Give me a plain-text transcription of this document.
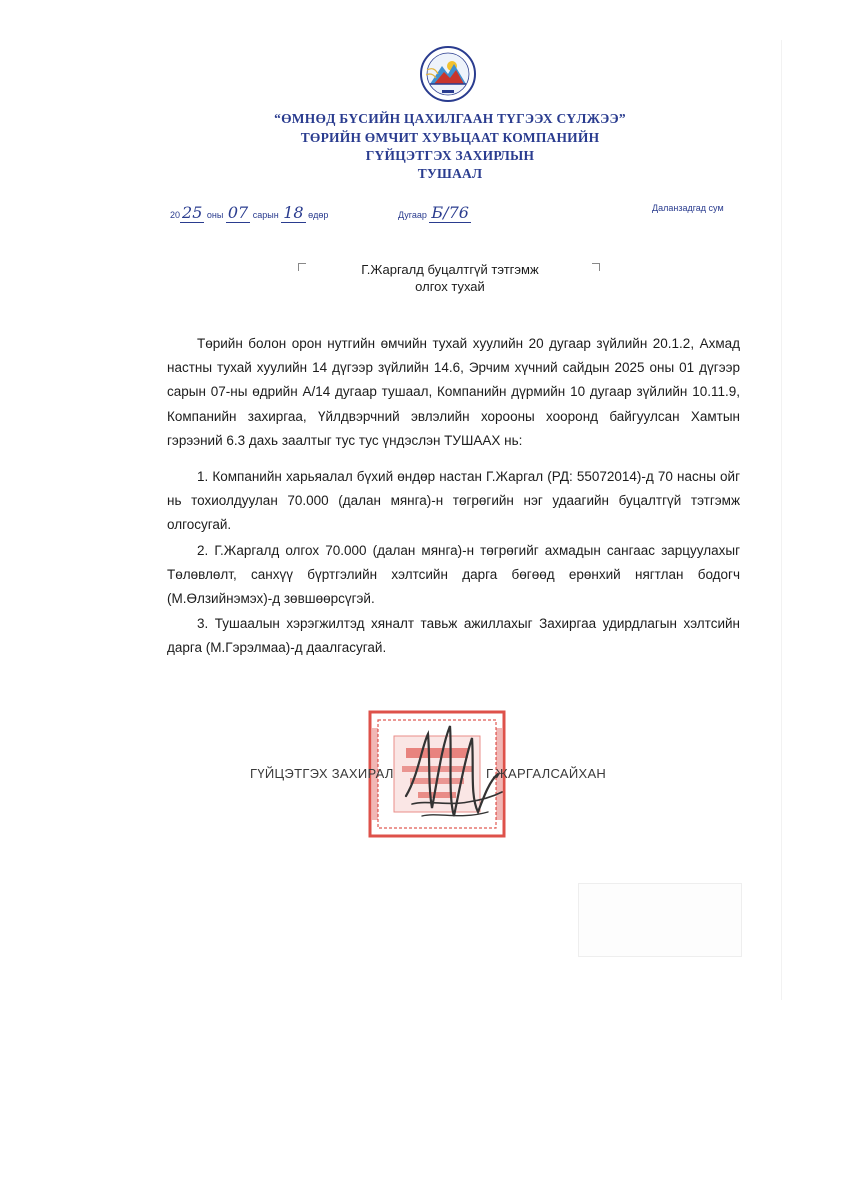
“ӨМНӨД БҮСИЙН ЦАХИЛГААН ТҮГЭЭХ СҮЛЖЭЭ”
ТӨРИЙН ӨМЧИТ ХУВЬЦААТ КОМПАНИЙН
ГҮЙЦЭТГЭХ ЗАХИРЛЫН
ТУШААЛ
20 25 оны 07 сарын 18 өдөр	Дугаар Б/76	Даланзадгад сум
Г.Жаргалд буцалтгүй тэтгэмж
олгох тухай

Төрийн болон орон нутгийн өмчийн тухай хуулийн 20 дугаар зүйлийн 20.1.2, Ахмад настны тухай хуулийн 14 дүгээр зүйлийн 14.6, Эрчим хүчний сайдын 2025 оны 01 дүгээр сарын 07-ны өдрийн А/14 дугаар тушаал, Компанийн дүрмийн 10 дугаар зүйлийн 10.11.9, Компанийн захиргаа, Үйлдвэрчний эвлэлийн хорооны хооронд байгуулсан Хамтын гэрээний 6.3 дахь заалтыг тус тус үндэслэн ТУШААХ нь:

1. Компанийн харьяалал бүхий өндөр настан Г.Жаргал (РД: 55072014)-д 70 насны ойг нь тохиолдуулан 70.000 (далан мянга)-н төгрөгийн нэг удаагийн буцалтгүй тэтгэмж олгосугай.

2. Г.Жаргалд олгох 70.000 (далан мянга)-н төгрөгийг ахмадын сангаас зарцуулахыг Төлөвлөлт, санхүү бүртгэлийн хэлтсийн дарга бөгөөд ерөнхий нягтлан бодогч (М.Өлзийнэмэх)-д зөвшөөрсүгэй.

3. Тушаалын хэрэгжилтэд хяналт тавьж ажиллахыг Захиргаа удирдлагын хэлтсийн дарга (М.Гэрэлмаа)-д даалгасугай.

ГҮЙЦЭТГЭХ ЗАХИРАЛ	Г.ЖАРГАЛСАЙХАН
